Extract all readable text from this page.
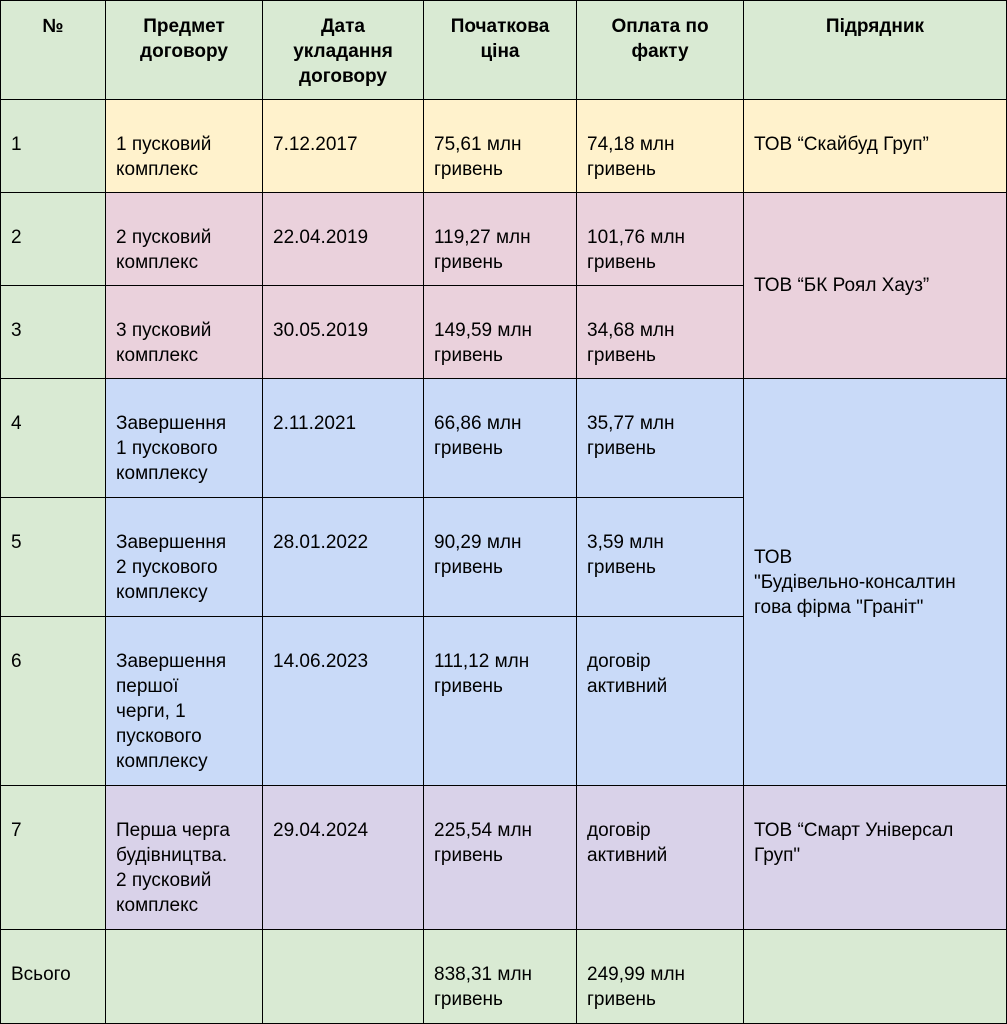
№	Предмет
договору	Дата
укладання
договору	Початкова
ціна	Оплата по
факту	Підрядник
1	1 пусковий
комплекс	7.12.2017	75,61 млн
гривень	74,18 млн
гривень	ТОВ “Скайбуд Груп”
2	2 пусковий
комплекс	22.04.2019	119,27 млн
гривень	101,76 млн
гривень	ТОВ “БК Роял Хауз”
3	3 пусковий
комплекс	30.05.2019	149,59 млн
гривень	34,68 млн
гривень	

4	Завершення
1 пускового
комплексу	2.11.2021	66,86 млн
гривень	35,77 млн
гривень	ТОВ
"Будівельно-консалтин
гова фірма "Граніт"

5	Завершення
2 пускового
комплексу	28.01.2022	90,29 млн
гривень	3,59 млн
гривень	

6	Завершення
першої
черги, 1
пускового
комплексу	14.06.2023	111,12 млн
гривень	договір
активний	

7	Перша черга
будівництва.
2 пусковий
комплекс	29.04.2024	225,54 млн
гривень	договір
активний	ТОВ “Смарт Універсал
Груп"

Всього			838,31 млн
гривень	249,99 млн
гривень	
